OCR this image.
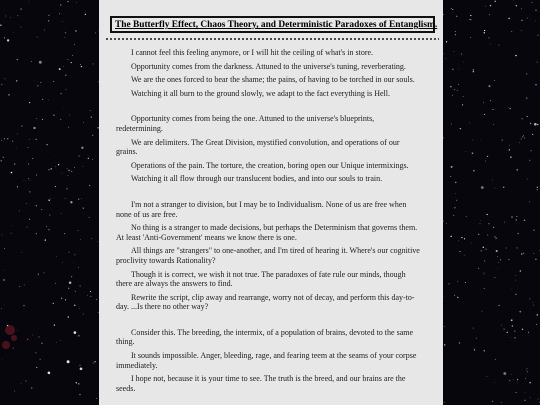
The Butterfly Effect, Chaos Theory, and Deterministic Paradoxes of Entanglism.

I cannot feel this feeling anymore, or I will hit the ceiling of what's in store.

Opportunity comes from the darkness. Attuned to the universe's tuning, reverberating.

We are the ones forced to bear the shame; the pains, of having to be torched in our souls.

Watching it all burn to the ground slowly, we adapt to the fact everything is Hell.

Opportunity comes from being the one. Attuned to the universe's blueprints, redetermining.

We are delimiters. The Great Division, mystified convolution, and operations of our grains.

Operations of the pain. The torture, the creation, boring open our Unique intermixings.

Watching it all flow through our translucent bodies, and into our souls to train.

I'm not a stranger to division, but I may be to Individualism. None of us are free when none of us are free.

No thing is a stranger to made decisions, but perhaps the Determinism that governs them. At least 'Anti-Government' means we know there is one.

All things are "strangers" to one-another, and I'm tired of hearing it. Where's our cognitive proclivity towards Rationality?

Though it is correct, we wish it not true. The paradoxes of fate rule our minds, though there are always the answers to find.

Rewrite the script, clip away and rearrange, worry not of decay, and perform this day-to-day. ...Is there no other way?

Consider this. The breeding, the intermix, of a population of brains, devoted to the same thing.

It sounds impossible. Anger, bleeding, rage, and fearing teem at the seams of your corpse immediately.

I hope not, because it is your time to see. The truth is the breed, and our brains are the seeds.
